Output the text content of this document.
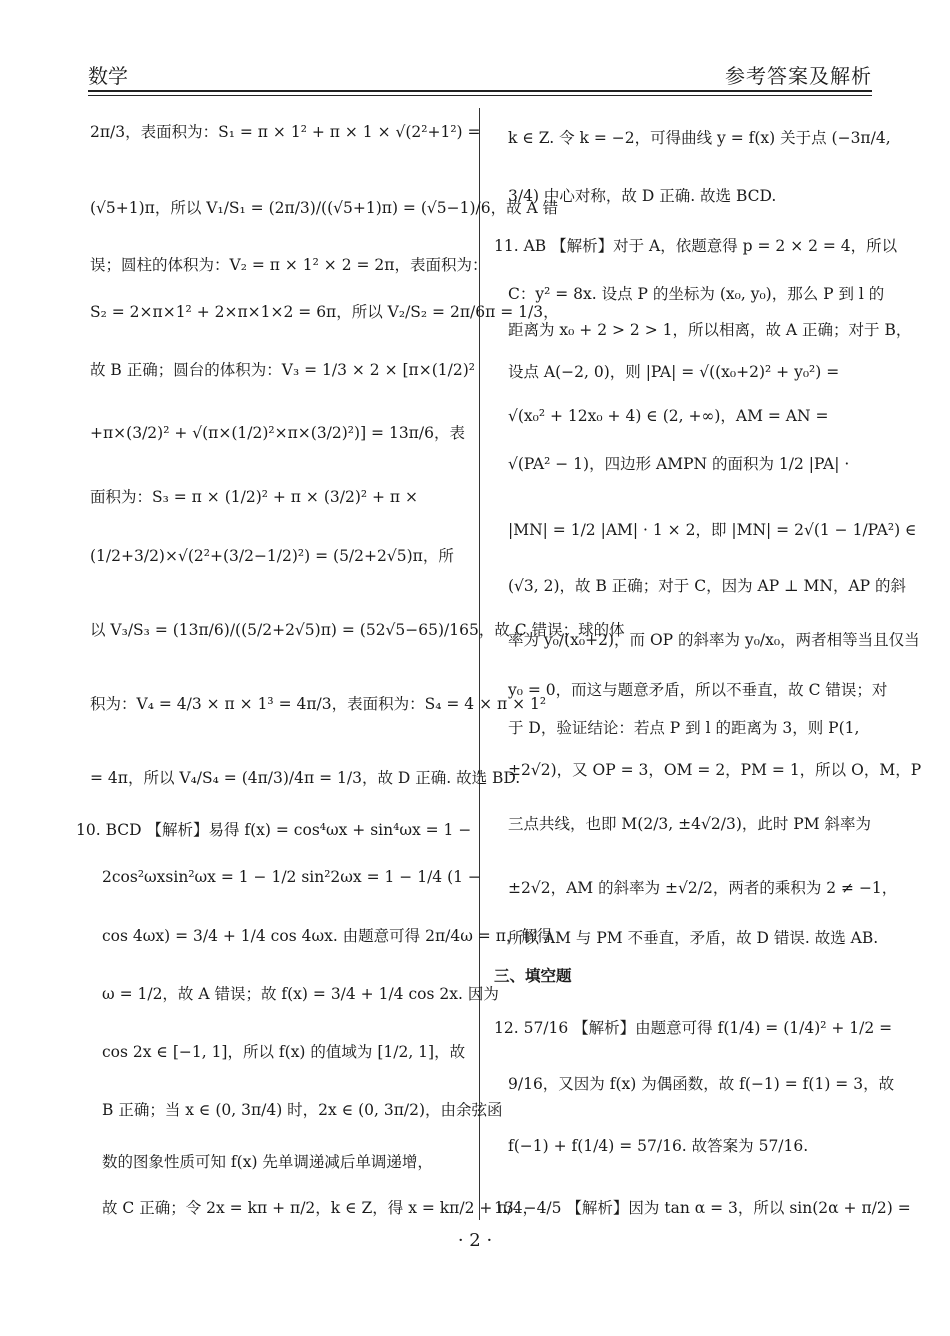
数学	参考答案及解析
2π/3，表面积为：S₁ = π × 1² + π × 1 × √(2²+1²) =
(√5+1)π，所以 V₁/S₁ = (2π/3)/((√5+1)π) = (√5−1)/6，故 A 错
误；圆柱的体积为：V₂ = π × 1² × 2 = 2π，表面积为：
S₂ = 2×π×1² + 2×π×1×2 = 6π，所以 V₂/S₂ = 2π/6π = 1/3，
故 B 正确；圆台的体积为：V₃ = 1/3 × 2 × [π×(1/2)²
+π×(3/2)² + √(π×(1/2)²×π×(3/2)²)] = 13π/6，表
面积为：S₃ = π × (1/2)² + π × (3/2)² + π ×
(1/2+3/2)×√(2²+(3/2−1/2)²) = (5/2+2√5)π，所
以 V₃/S₃ = (13π/6)/((5/2+2√5)π) = (52√5−65)/165，故 C 错误；球的体
积为：V₄ = 4/3 × π × 1³ = 4π/3，表面积为：S₄ = 4 × π × 1²
= 4π，所以 V₄/S₄ = (4π/3)/4π = 1/3，故 D 正确. 故选 BD.
10. BCD 【解析】易得 f(x) = cos⁴ωx + sin⁴ωx = 1 −
2cos²ωxsin²ωx = 1 − 1/2 sin²2ωx = 1 − 1/4 (1 −
cos 4ωx) = 3/4 + 1/4 cos 4ωx. 由题意可得 2π/4ω = π，解得
ω = 1/2，故 A 错误；故 f(x) = 3/4 + 1/4 cos 2x. 因为
cos 2x ∈ [−1, 1]，所以 f(x) 的值域为 [1/2, 1]，故
B 正确；当 x ∈ (0, 3π/4) 时，2x ∈ (0, 3π/2)，由余弦函
数的图象性质可知 f(x) 先单调递减后单调递增，
故 C 正确；令 2x = kπ + π/2，k ∈ Z，得 x = kπ/2 + π/4，
k ∈ Z. 令 k = −2，可得曲线 y = f(x) 关于点 (−3π/4,
3/4) 中心对称，故 D 正确. 故选 BCD.
11. AB 【解析】对于 A，依题意得 p = 2 × 2 = 4，所以
C：y² = 8x. 设点 P 的坐标为 (x₀, y₀)，那么 P 到 l 的
距离为 x₀ + 2 > 2 > 1，所以相离，故 A 正确；对于 B，
设点 A(−2, 0)，则 |PA| = √((x₀+2)² + y₀²) =
√(x₀² + 12x₀ + 4) ∈ (2, +∞)，AM = AN =
√(PA² − 1)，四边形 AMPN 的面积为 1/2 |PA| ·
|MN| = 1/2 |AM| · 1 × 2，即 |MN| = 2√(1 − 1/PA²) ∈
(√3, 2)，故 B 正确；对于 C，因为 AP ⊥ MN，AP 的斜
率为 y₀/(x₀+2)，而 OP 的斜率为 y₀/x₀，两者相等当且仅当
y₀ = 0，而这与题意矛盾，所以不垂直，故 C 错误；对
于 D，验证结论：若点 P 到 l 的距离为 3，则 P(1,
±2√2)，又 OP = 3，OM = 2，PM = 1，所以 O，M，P
三点共线，也即 M(2/3, ±4√2/3)，此时 PM 斜率为
±2√2，AM 的斜率为 ±√2/2，两者的乘积为 2 ≠ −1，
所以 AM 与 PM 不垂直，矛盾，故 D 错误. 故选 AB.
三、填空题
12. 57/16 【解析】由题意可得 f(1/4) = (1/4)² + 1/2 =
9/16，又因为 f(x) 为偶函数，故 f(−1) = f(1) = 3，故
f(−1) + f(1/4) = 57/16. 故答案为 57/16.
13. −4/5 【解析】因为 tan α = 3，所以 sin(2α + π/2) =
· 2 ·
